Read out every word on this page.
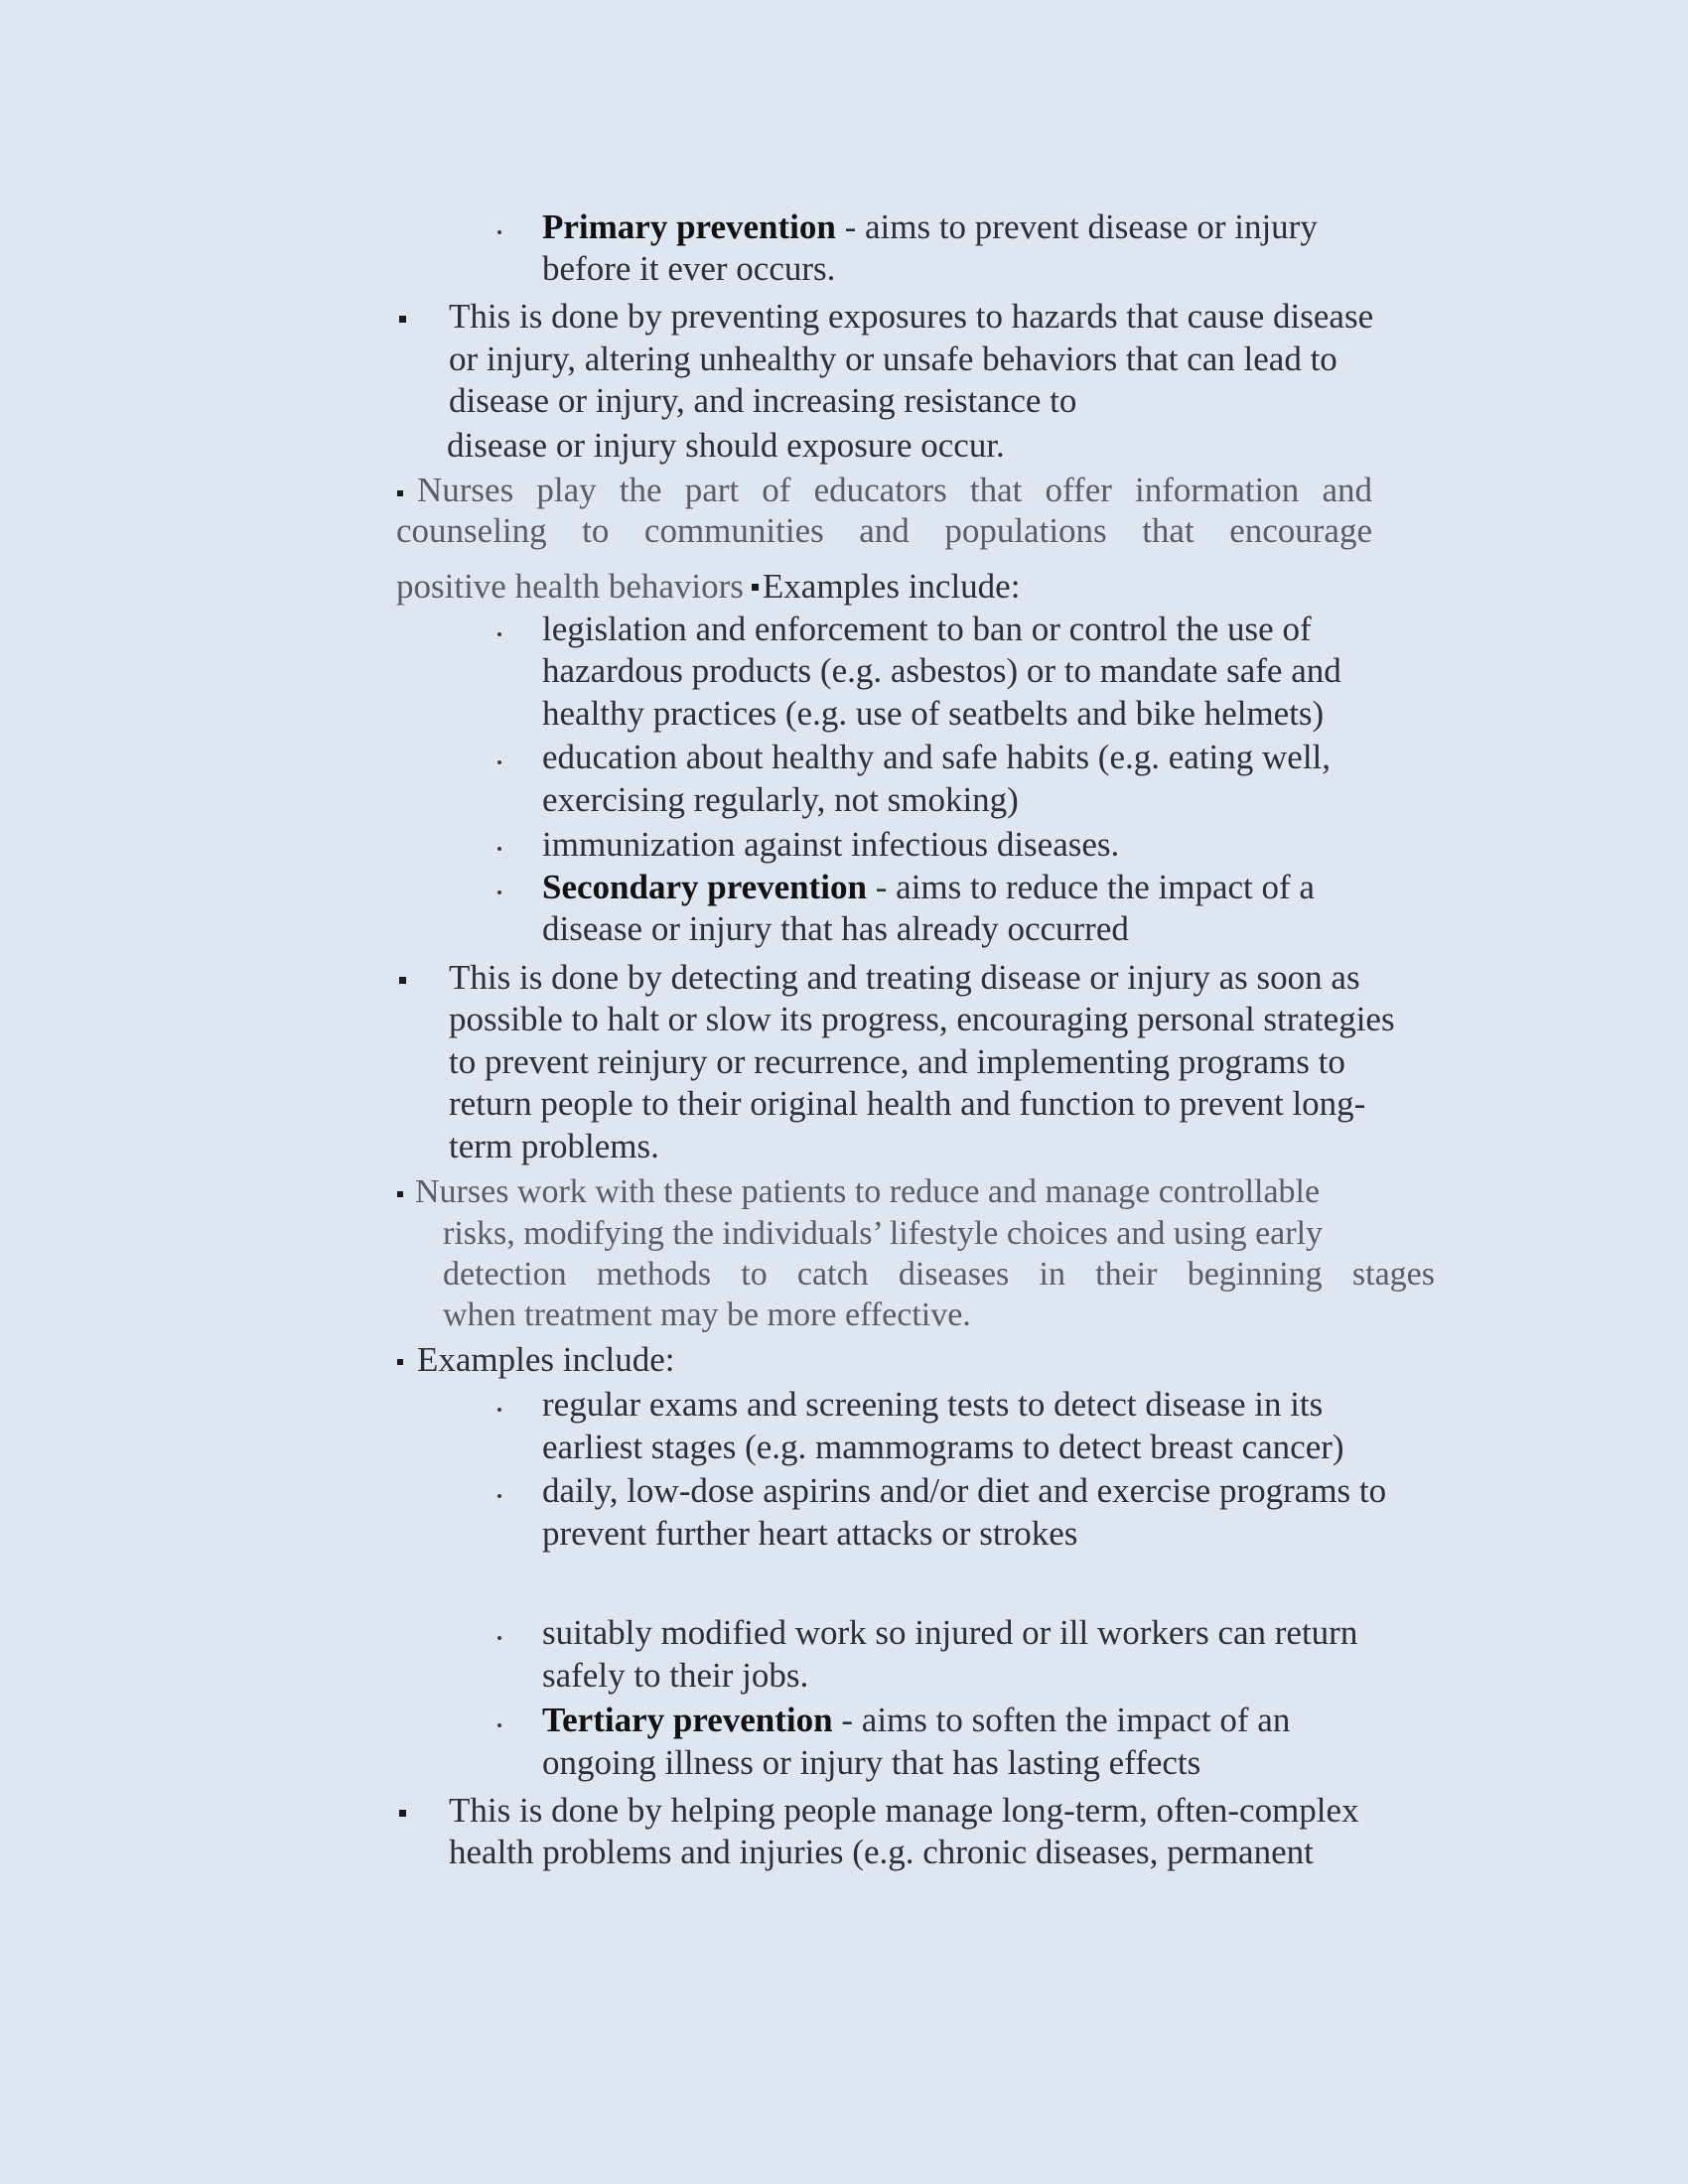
Primary prevention - aims to prevent disease or injury
before it ever occurs.
This is done by preventing exposures to hazards that cause disease
or injury, altering unhealthy or unsafe behaviors that can lead to
disease or injury, and increasing resistance to
disease or injury should exposure occur.
Nurses play the part of educators that offer information and
counseling to communities and populations that encourage
positive health behaviors Examples include:
legislation and enforcement to ban or control the use of
hazardous products (e.g. asbestos) or to mandate safe and
healthy practices (e.g. use of seatbelts and bike helmets)
education about healthy and safe habits (e.g. eating well,
exercising regularly, not smoking)
immunization against infectious diseases.
Secondary prevention - aims to reduce the impact of a
disease or injury that has already occurred
This is done by detecting and treating disease or injury as soon as
possible to halt or slow its progress, encouraging personal strategies
to prevent reinjury or recurrence, and implementing programs to
return people to their original health and function to prevent long-
term problems.
Nurses work with these patients to reduce and manage controllable
risks, modifying the individuals’ lifestyle choices and using early
detection methods to catch diseases in their beginning stages
when treatment may be more effective.
Examples include:
regular exams and screening tests to detect disease in its
earliest stages (e.g. mammograms to detect breast cancer)
daily, low-dose aspirins and/or diet and exercise programs to
prevent further heart attacks or strokes
suitably modified work so injured or ill workers can return
safely to their jobs.
Tertiary prevention - aims to soften the impact of an
ongoing illness or injury that has lasting effects
This is done by helping people manage long-term, often-complex
health problems and injuries (e.g. chronic diseases, permanent
